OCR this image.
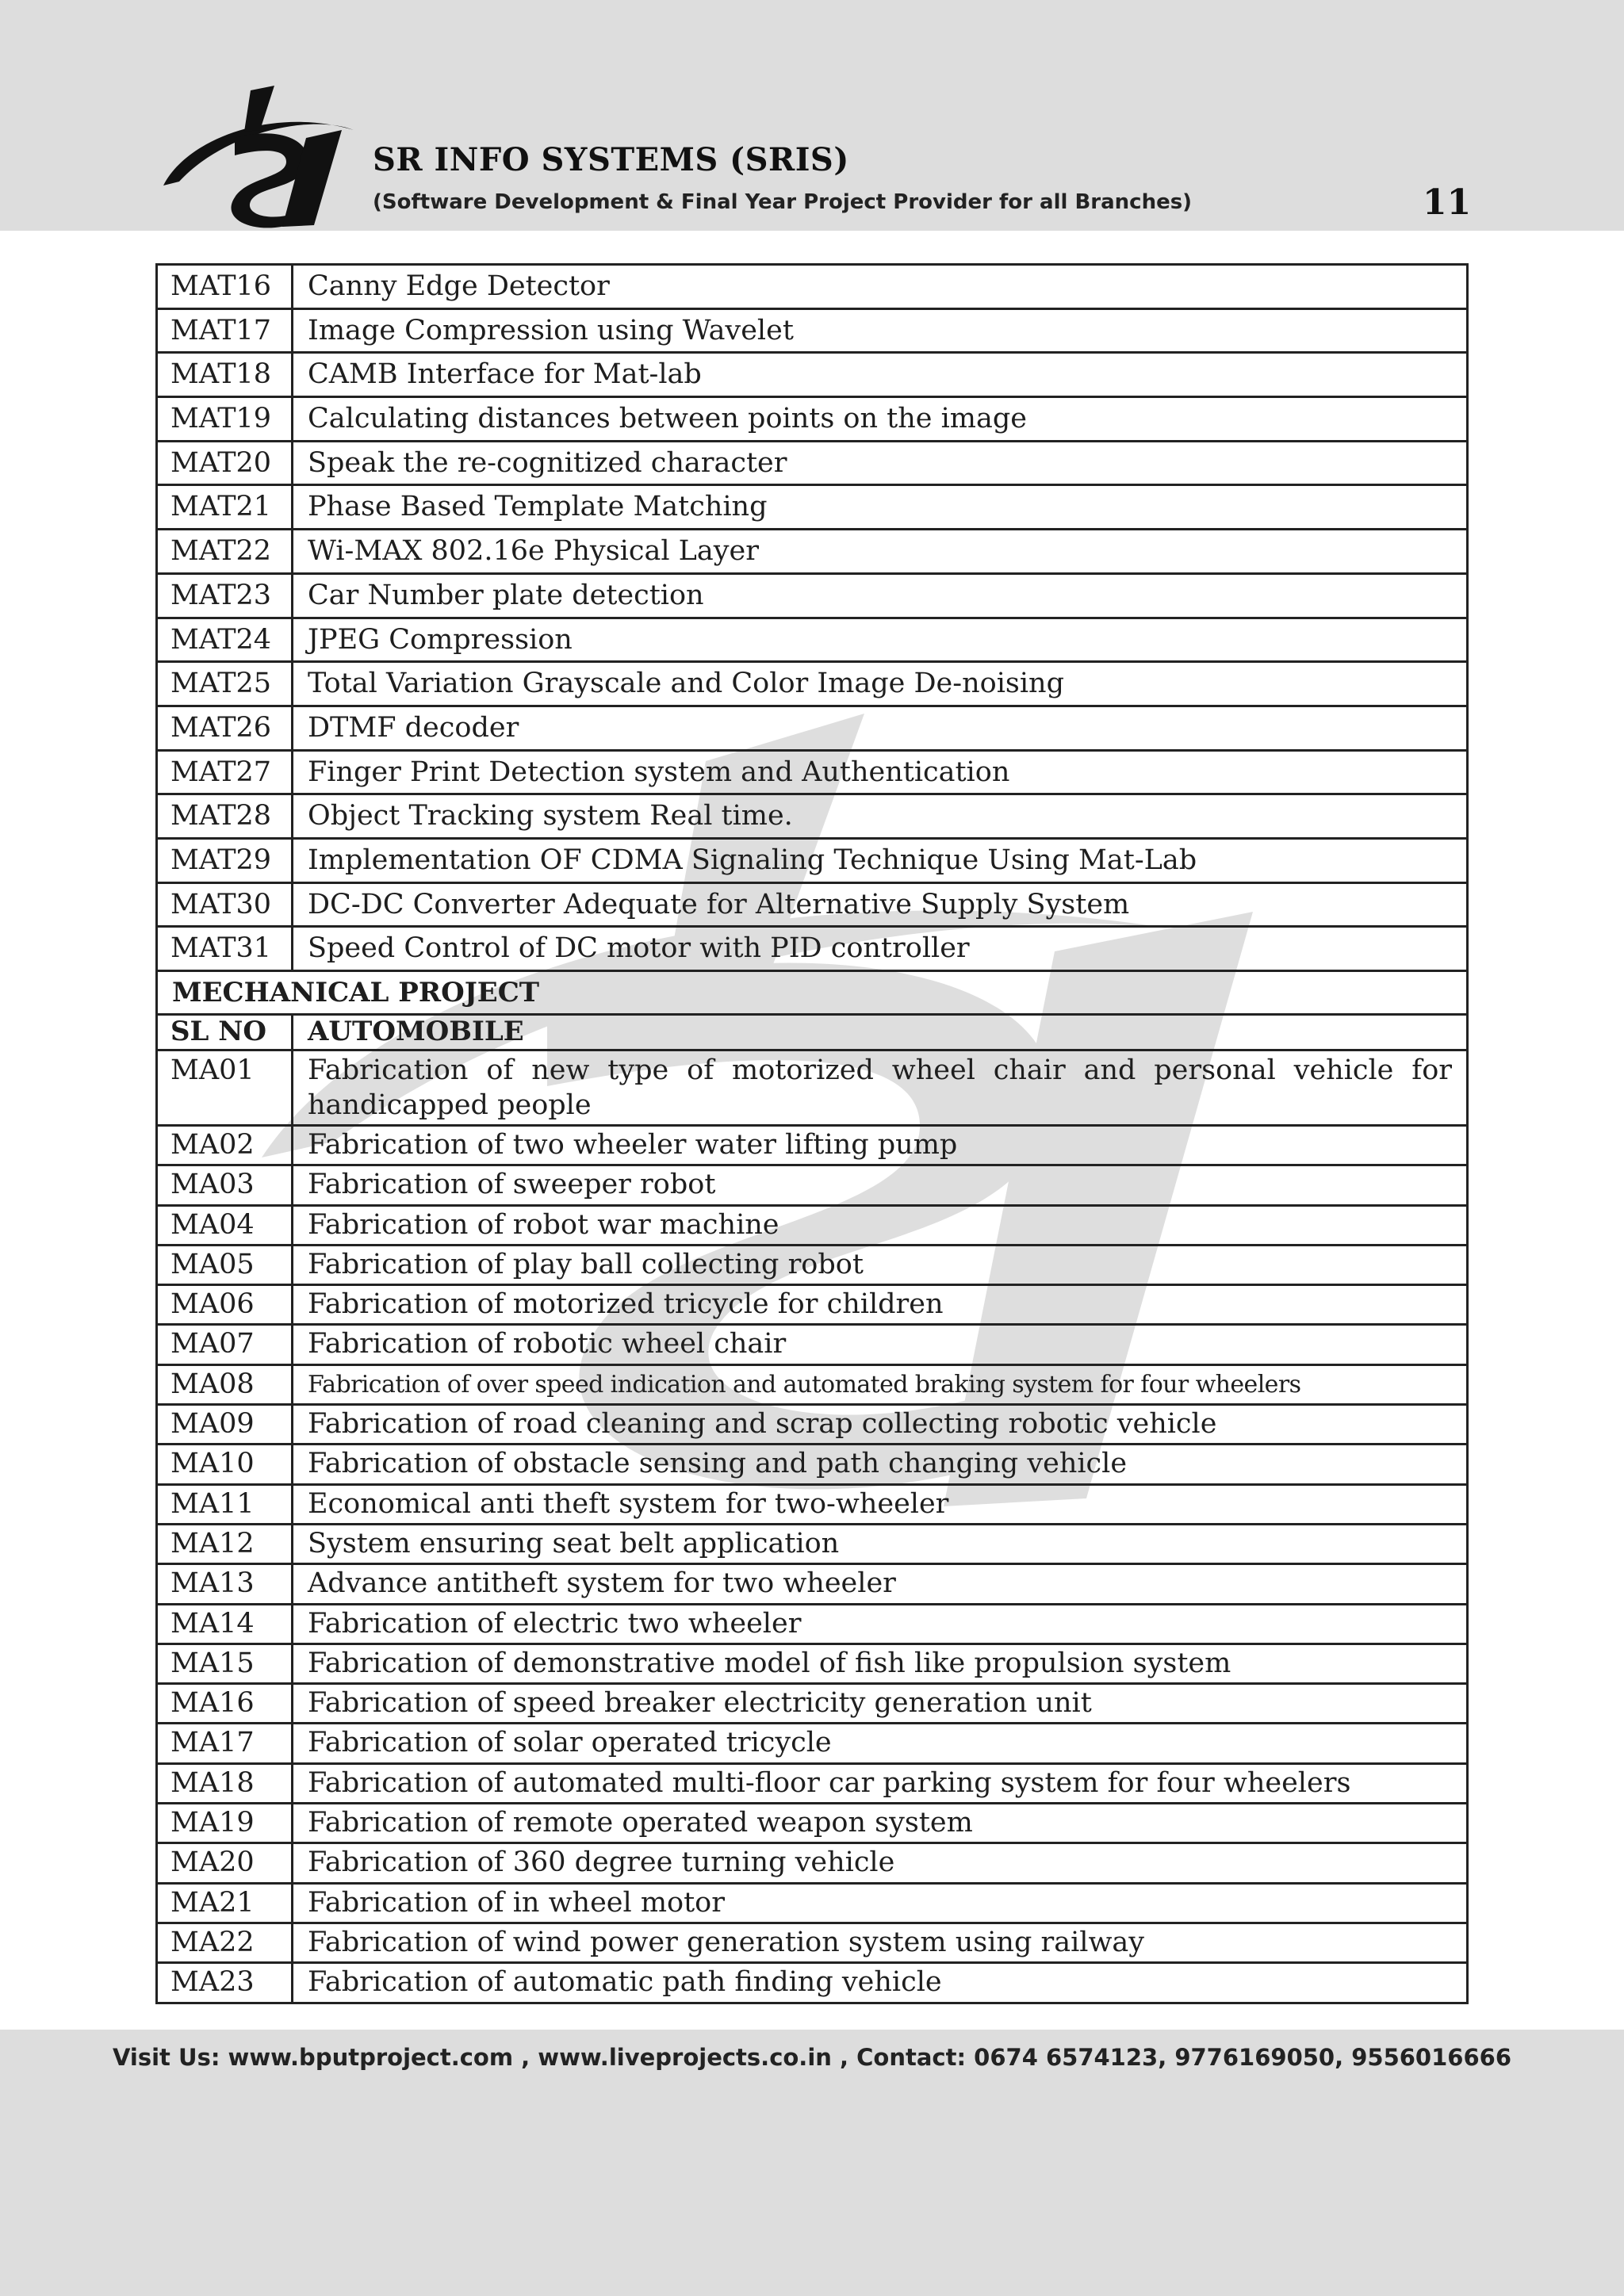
SR INFO SYSTEMS (SRIS)
(Software Development & Final Year Project Provider for all Branches)	11
MAT16	Canny Edge Detector
MAT17	Image Compression using Wavelet
MAT18	CAMB Interface for Mat-lab
MAT19	Calculating distances between points on the image
MAT20	Speak the re-cognitized character
MAT21	Phase Based Template Matching
MAT22	Wi-MAX 802.16e Physical Layer
MAT23	Car Number plate detection
MAT24	JPEG Compression
MAT25	Total Variation Grayscale and Color Image De-noising
MAT26	DTMF decoder
MAT27	Finger Print Detection system and Authentication
MAT28	Object Tracking system Real time.
MAT29	Implementation OF CDMA Signaling Technique Using Mat-Lab
MAT30	DC-DC Converter Adequate for Alternative Supply System
MAT31	Speed Control of DC motor with PID controller
MECHANICAL PROJECT	
SL NO	AUTOMOBILE
MA01	Fabrication of new type of motorized wheel chair and personal vehicle for handicapped people
MA02	Fabrication of two wheeler water lifting pump
MA03	Fabrication of sweeper robot
MA04	Fabrication of robot war machine
MA05	Fabrication of play ball collecting robot
MA06	Fabrication of motorized tricycle for children
MA07	Fabrication of robotic wheel chair
MA08	Fabrication of over speed indication and automated braking system for four wheelers
MA09	Fabrication of road cleaning and scrap collecting robotic vehicle
MA10	Fabrication of obstacle sensing and path changing vehicle
MA11	Economical anti theft system for two-wheeler
MA12	System ensuring seat belt application
MA13	Advance antitheft system for two wheeler
MA14	Fabrication of electric two wheeler
MA15	Fabrication of demonstrative model of fish like propulsion system
MA16	Fabrication of speed breaker electricity generation unit
MA17	Fabrication of solar operated tricycle
MA18	Fabrication of automated multi-floor car parking system for four wheelers
MA19	Fabrication of remote operated weapon system
MA20	Fabrication of 360 degree turning vehicle
MA21	Fabrication of in wheel motor
MA22	Fabrication of wind power generation system using railway
MA23	Fabrication of automatic path finding vehicle
Visit Us: www.bputproject.com , www.liveprojects.co.in , Contact: 0674 6574123, 9776169050, 9556016666
